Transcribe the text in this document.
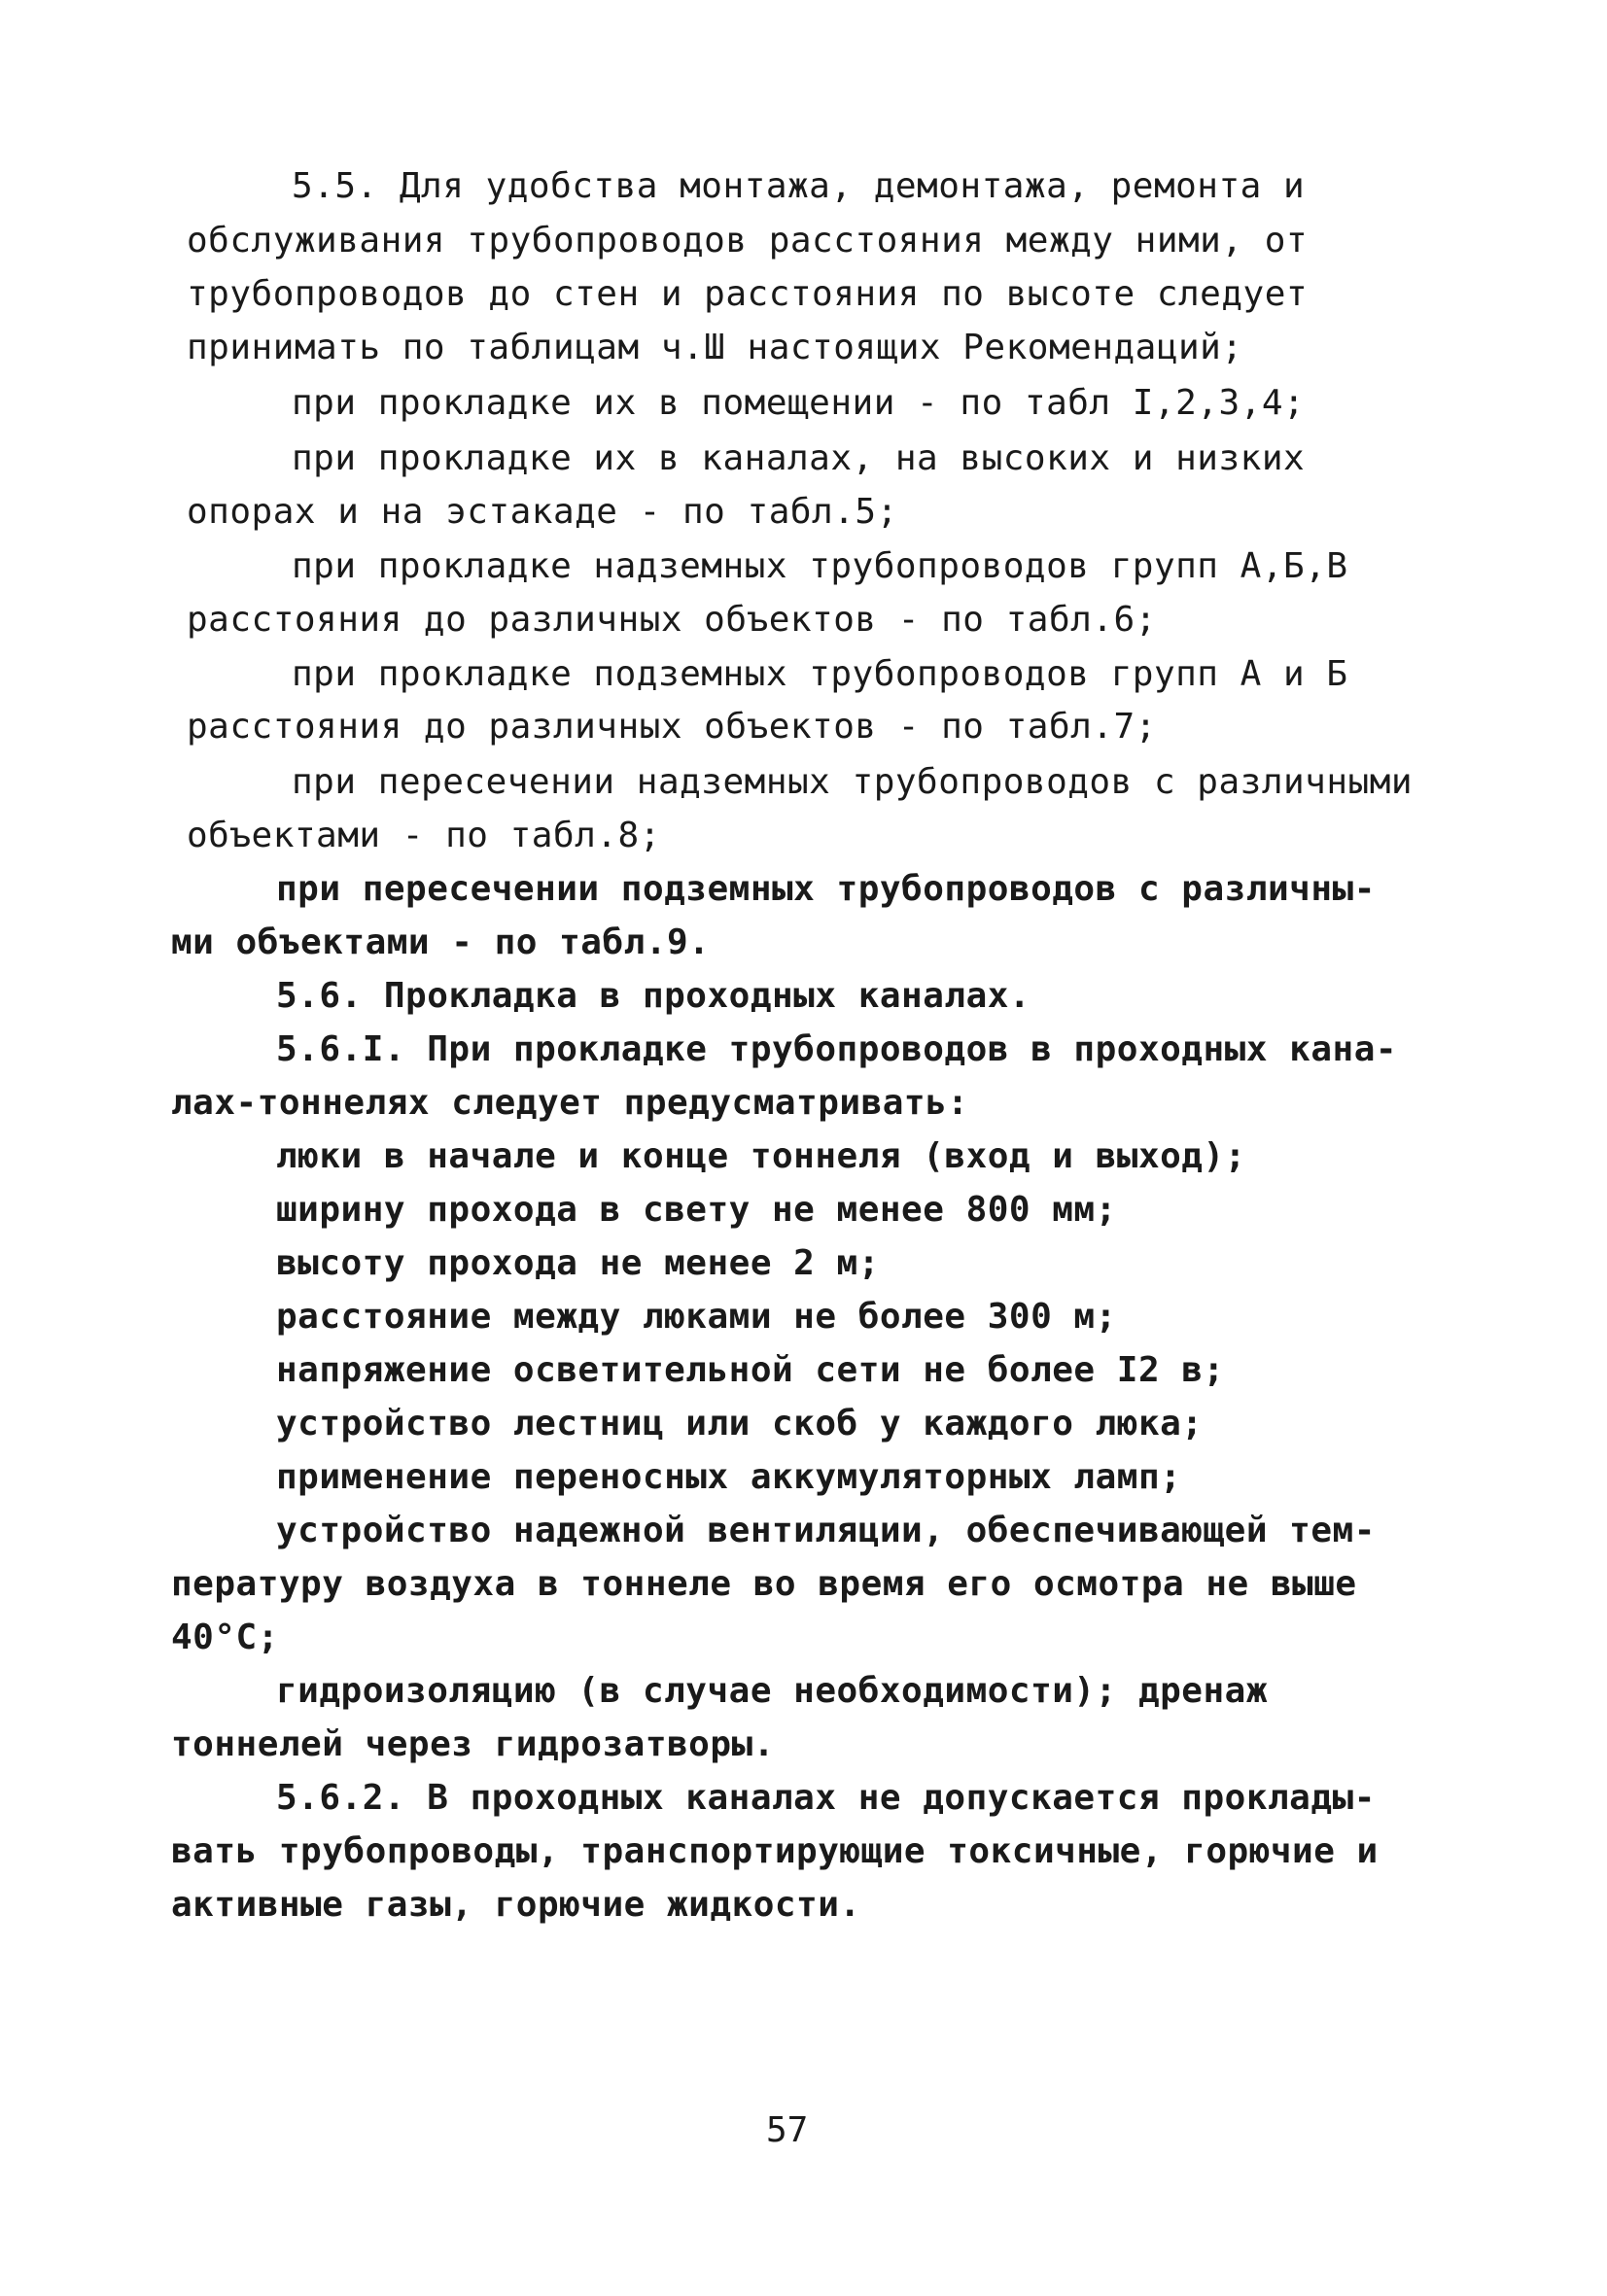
5.5. Для удобства монтажа, демонтажа, ремонта и
обслуживания трубопроводов расстояния между ними, от
трубопроводов до стен и расстояния по высоте следует
принимать по таблицам ч.Ш настоящих Рекомендаций;
при прокладке их в помещении - по табл I,2,3,4;
при прокладке их в каналах, на высоких и низких
опорах и на эстакаде - по табл.5;
при прокладке надземных трубопроводов групп А,Б,В
расстояния до различных объектов - по табл.6;
при прокладке подземных трубопроводов групп А и Б
расстояния до различных объектов - по табл.7;
при пересечении надземных трубопроводов с различными
объектами - по табл.8;
при пересечении подземных трубопроводов с различны-
ми объектами - по табл.9.
5.6. Прокладка в проходных каналах.
5.6.I. При прокладке трубопроводов в проходных кана-
лах-тоннелях следует предусматривать:
люки в начале и конце тоннеля (вход и выход);
ширину прохода в свету не менее 800 мм;
высоту прохода не менее 2 м;
расстояние между люками не более 300 м;
напряжение осветительной сети не более I2 в;
устройство лестниц или скоб у каждого люка;
применение переносных аккумуляторных ламп;
устройство надежной вентиляции, обеспечивающей тем-
пературу воздуха в тоннеле во время его осмотра не выше
40°С;
гидроизоляцию (в случае необходимости); дренаж
тоннелей через гидрозатворы.
5.6.2. В проходных каналах не допускается проклады-
вать трубопроводы, транспортирующие токсичные, горючие и
активные газы, горючие жидкости.
57
